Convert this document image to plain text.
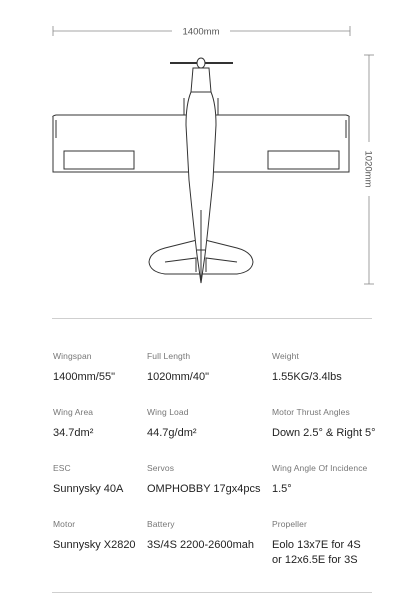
1400mm
1020mm
Wingspan
1400mm/55"
Full Length
1020mm/40"
Weight
1.55KG/3.4lbs
Wing Area
34.7dm²
Wing Load
44.7g/dm²
Motor Thrust Angles
Down 2.5° & Right 5°
ESC
Sunnysky 40A
Servos
OMPHOBBY 17gx4pcs
Wing Angle Of Incidence
1.5°
Motor
Sunnysky X2820
Battery
3S/4S 2200-2600mah
Propeller
Eolo 13x7E for 4S
or 12x6.5E for 3S
